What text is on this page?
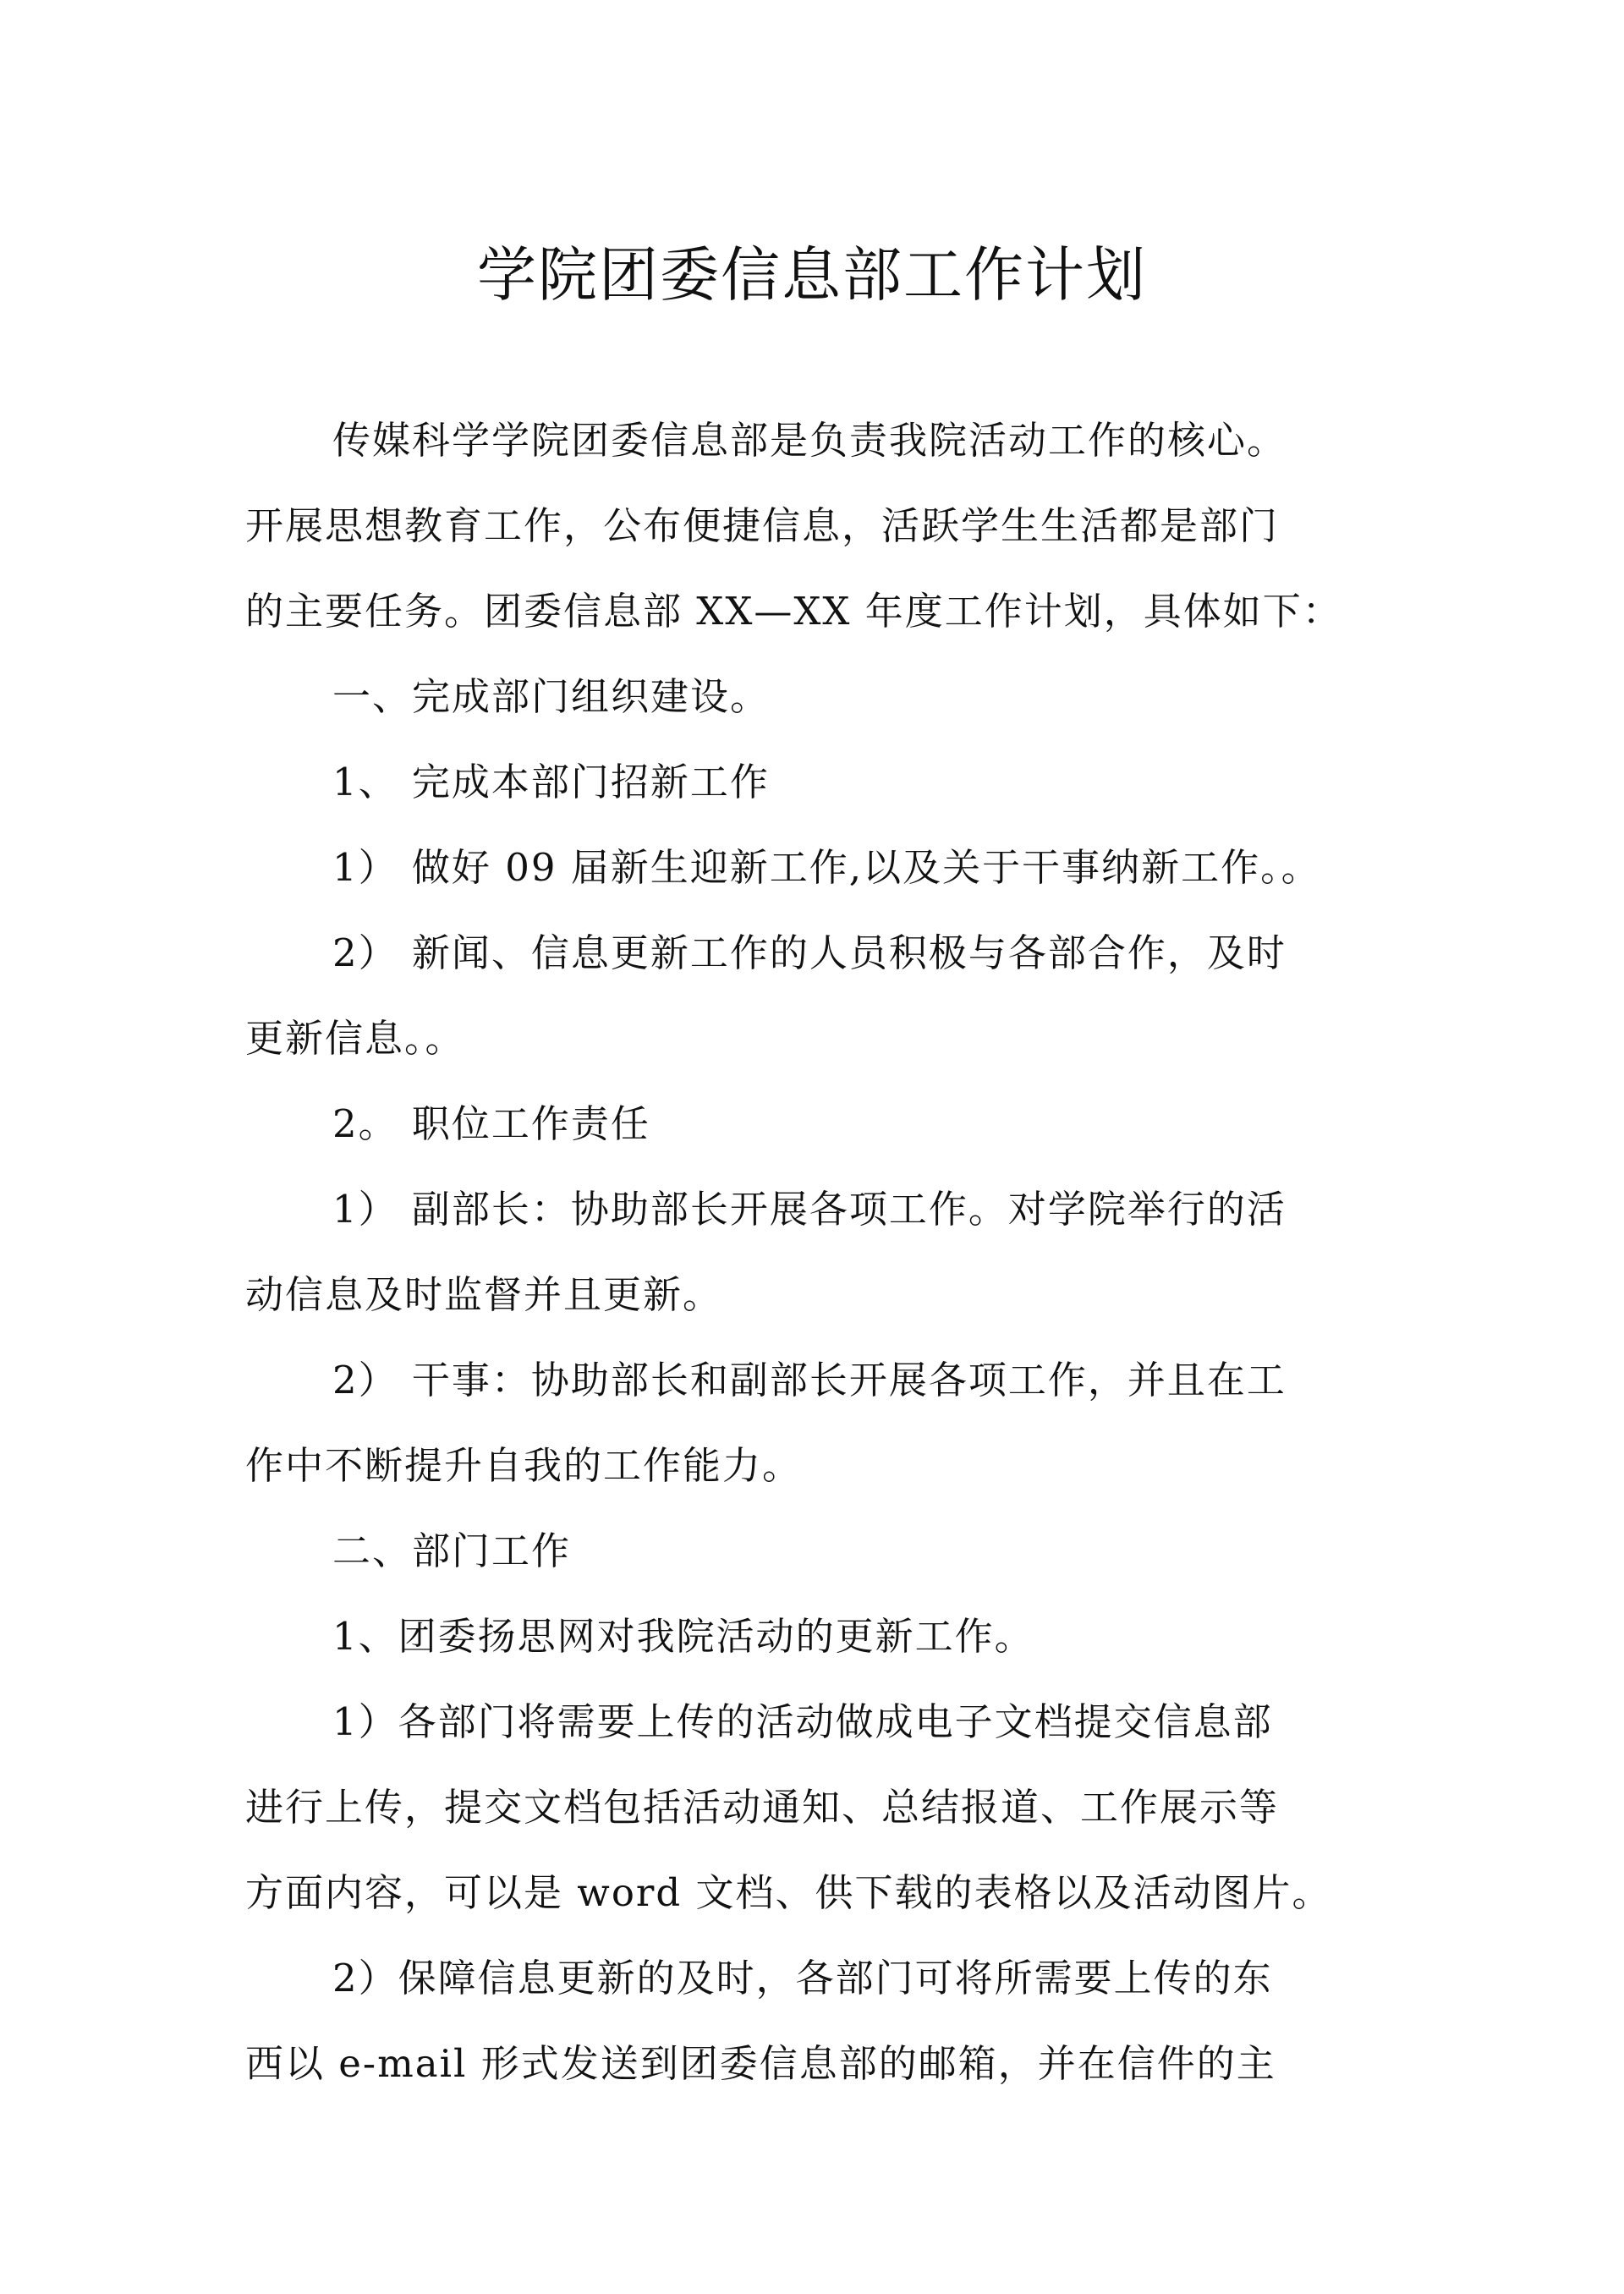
学院团委信息部工作计划
传媒科学学院团委信息部是负责我院活动工作的核心。
开展思想教育工作，公布便捷信息，活跃学生生活都是部门
的主要任务。团委信息部 XX—XX 年度工作计划，具体如下：
一、完成部门组织建设。
1、 完成本部门招新工作
1） 做好 09 届新生迎新工作,以及关于干事纳新工作。。
2） 新闻、信息更新工作的人员积极与各部合作，及时
更新信息。。
2。 职位工作责任
1） 副部长：协助部长开展各项工作。对学院举行的活
动信息及时监督并且更新。
2） 干事：协助部长和副部长开展各项工作，并且在工
作中不断提升自我的工作能力。
二、部门工作
1、团委扬思网对我院活动的更新工作。
1）各部门将需要上传的活动做成电子文档提交信息部
进行上传，提交文档包括活动通知、总结报道、工作展示等
方面内容，可以是 word 文档、供下载的表格以及活动图片。
2）保障信息更新的及时，各部门可将所需要上传的东
西以 e-mail 形式发送到团委信息部的邮箱，并在信件的主
